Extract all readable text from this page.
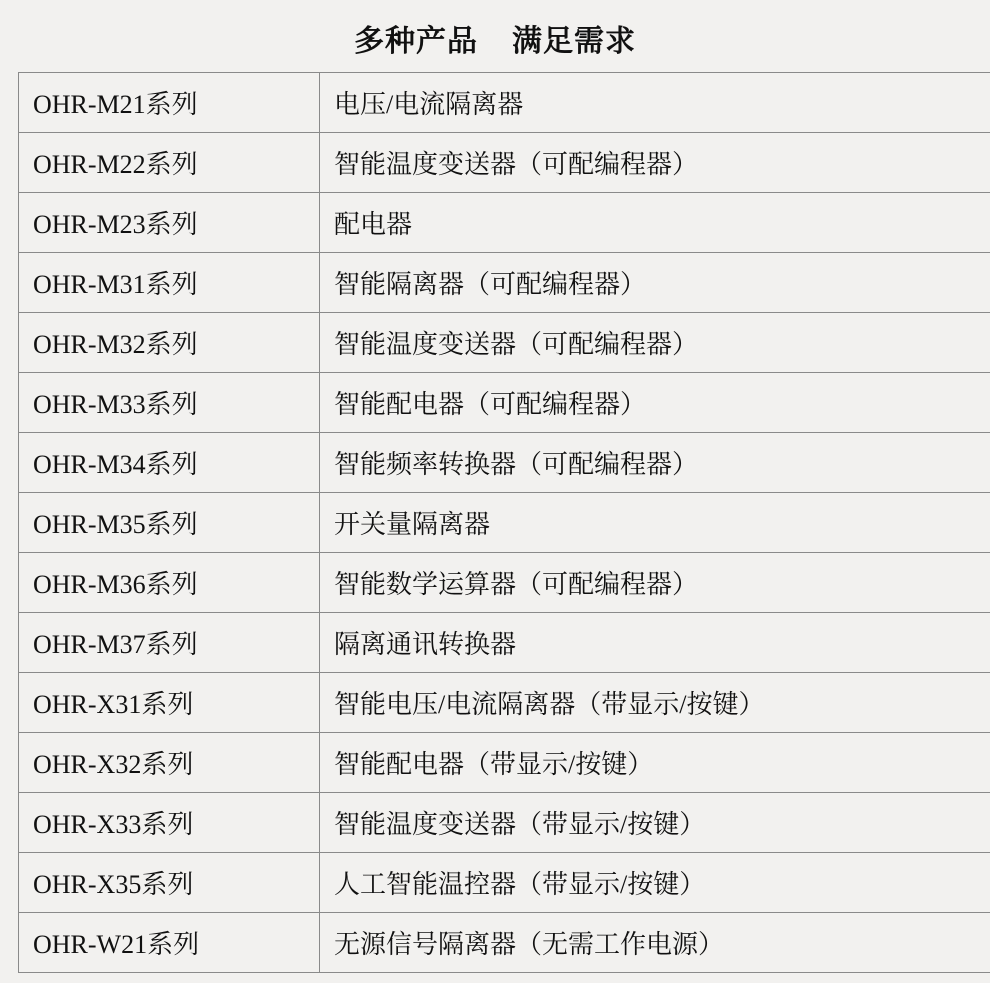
多种产品    满足需求
OHR-M21系列	电压/电流隔离器
OHR-M22系列	智能温度变送器（可配编程器）
OHR-M23系列	配电器
OHR-M31系列	智能隔离器（可配编程器）
OHR-M32系列	智能温度变送器（可配编程器）
OHR-M33系列	智能配电器（可配编程器）
OHR-M34系列	智能频率转换器（可配编程器）
OHR-M35系列	开关量隔离器
OHR-M36系列	智能数学运算器（可配编程器）
OHR-M37系列	隔离通讯转换器
OHR-X31系列	智能电压/电流隔离器（带显示/按键）
OHR-X32系列	智能配电器（带显示/按键）
OHR-X33系列	智能温度变送器（带显示/按键）
OHR-X35系列	人工智能温控器（带显示/按键）
OHR-W21系列	无源信号隔离器（无需工作电源）
